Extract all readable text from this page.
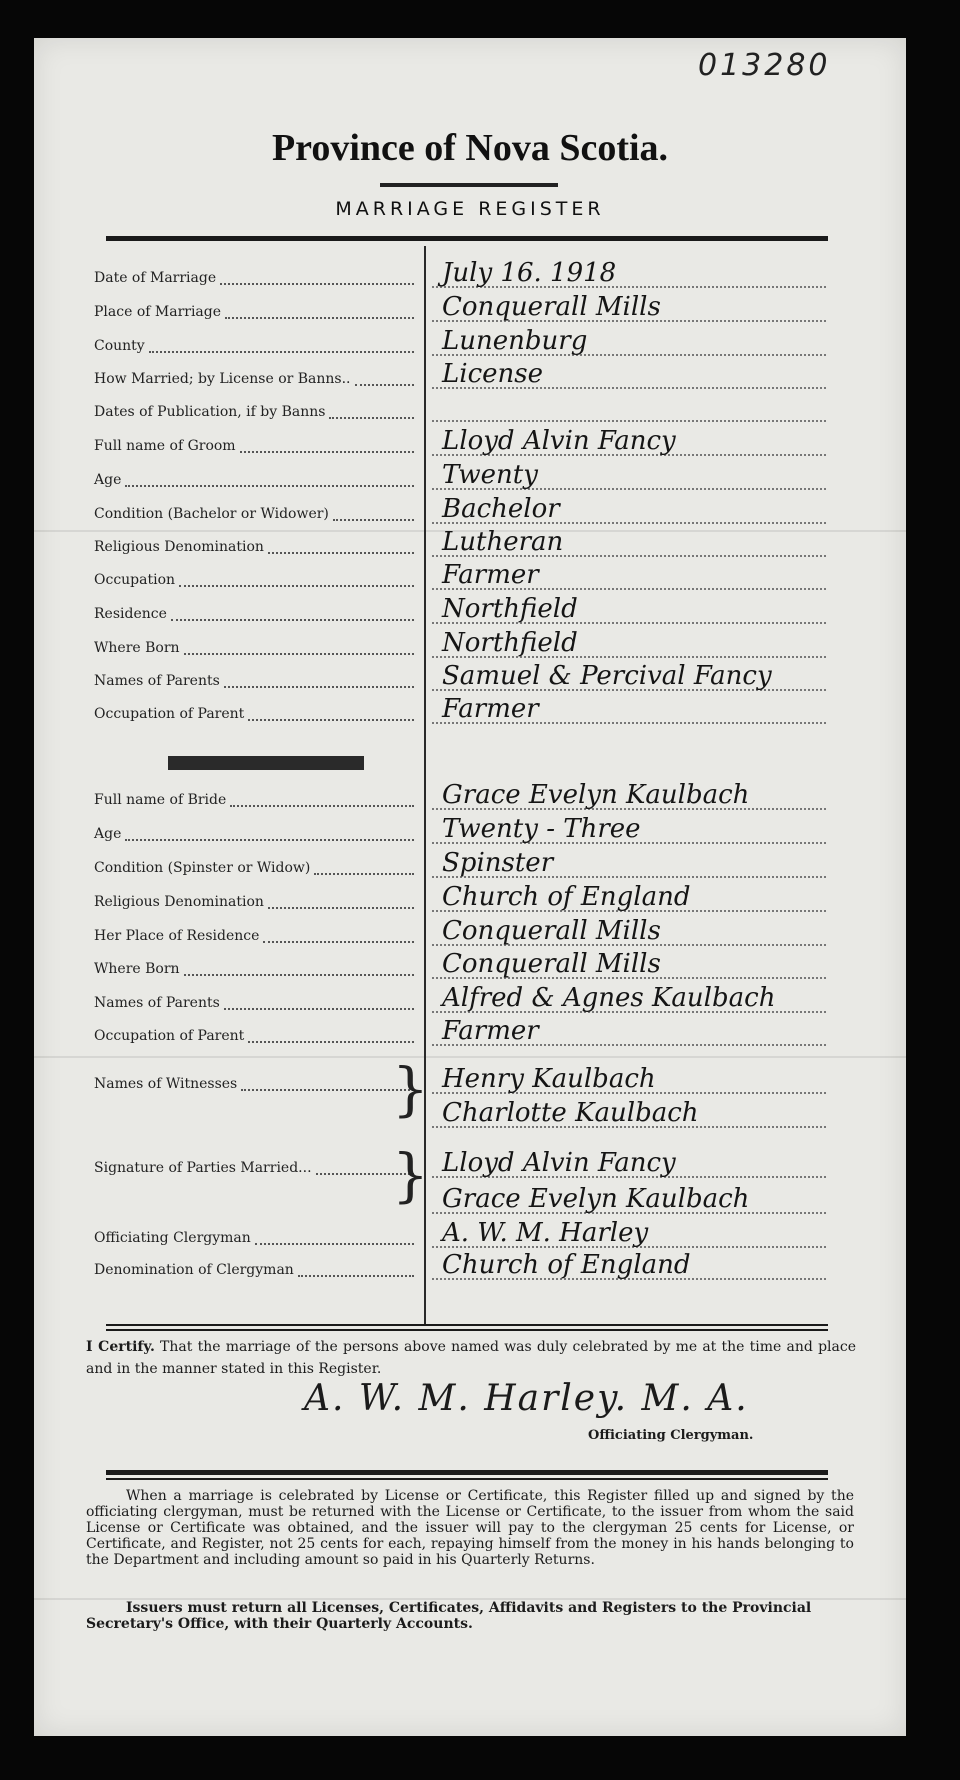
013280
Province of Nova Scotia.
MARRIAGE REGISTER
Date of Marriage	July 16. 1918
Place of Marriage	Conquerall Mills
County	Lunenburg
How Married; by License or Banns..	License
Dates of Publication, if by Banns
Full name of Groom	Lloyd Alvin Fancy
Age	Twenty
Condition (Bachelor or Widower)	Bachelor
Religious Denomination	Lutheran
Occupation	Farmer
Residence	Northfield
Where Born	Northfield
Names of Parents	Samuel & Percival Fancy
Occupation of Parent	Farmer
Full name of Bride	Grace Evelyn Kaulbach
Age	Twenty - Three
Condition (Spinster or Widow)	Spinster
Religious Denomination	Church of England
Her Place of Residence	Conquerall Mills
Where Born	Conquerall Mills
Names of Parents	Alfred & Agnes Kaulbach
Occupation of Parent	Farmer
Names of Witnesses	Henry Kaulbach
Charlotte Kaulbach
Signature of Parties Married...	Lloyd Alvin Fancy
Grace Evelyn Kaulbach
Officiating Clergyman	A. W. M. Harley
Denomination of Clergyman	Church of England
}
}
I Certify. That the marriage of the persons above named was duly celebrated by me at the time and place and in the manner stated in this Register.
A. W. M. Harley. M. A.
Officiating Clergyman.
When a marriage is celebrated by License or Certificate, this Register filled up and signed by the officiating clergyman, must be returned with the License or Certificate, to the issuer from whom the said License or Certificate was obtained, and the issuer will pay to the clergyman 25 cents for License, or Certificate, and Register, not 25 cents for each, repaying himself from the money in his hands belonging to the Department and including amount so paid in his Quarterly Returns.
Issuers must return all Licenses, Certificates, Affidavits and Registers to the Provincial Secretary's Office, with their Quarterly Accounts.
